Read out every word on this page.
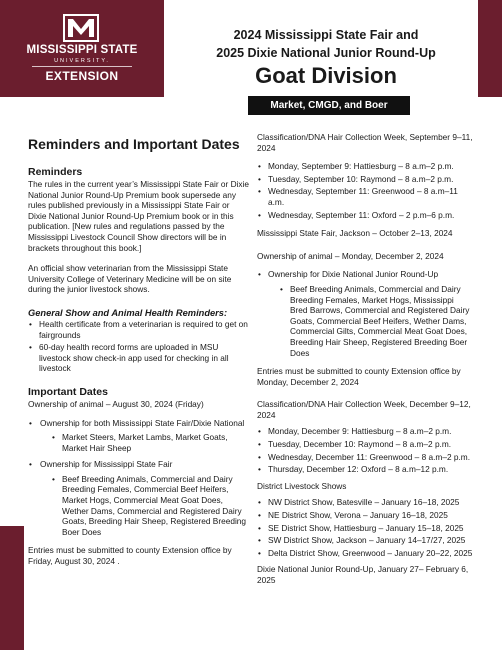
MISSISSIPPI STATE
UNIVERSITY.
EXTENSION
2024 Mississippi State Fair and
2025 Dixie National Junior Round-Up
Goat Division
Market, CMGD, and Boer
Reminders and Important Dates
Reminders

The rules in the current year’s Mississippi State Fair or Dixie National Junior Round-Up Premium book supersede any rules published previously in a Mississippi State Fair or Dixie National Junior Round-Up Premium book or in this publication. [New rules and regulations passed by the Mississippi Livestock Council Show directors will be in brackets throughout this book.]

An official show veterinarian from the Mississippi State University College of Veterinary Medicine will be on site during the junior livestock shows.

General Show and Animal Health Reminders:
• Health certificate from a veterinarian is required to get on fairgrounds
• 60-day health record forms are uploaded in MSU livestock show check-in app used for checking in all livestock
Important Dates

Ownership of animal – August 30, 2024 (Friday)

• Ownership for both Mississippi State Fair/Dixie National
• Market Steers, Market Lambs, Market Goats, Market Hair Sheep
• Ownership for Mississippi State Fair
• Beef Breeding Animals, Commercial and Dairy Breeding Females, Commercial Beef Heifers, Market Hogs, Commercial Meat Goat Does, Wether Dams, Commercial and Registered Dairy Goats, Breeding Hair Sheep, Registered Breeding Boer Does

Entries must be submitted to county Extension office by Friday, August 30, 2024 .

Classification/DNA Hair Collection Week, September 9–11, 2024

• Monday, September 9: Hattiesburg – 8 a.m–2 p.m.
• Tuesday, September 10: Raymond – 8 a.m–2 p.m.
• Wednesday, September 11: Greenwood – 8 a.m–11 a.m.
• Wednesday, September 11: Oxford – 2 p.m–6 p.m.

Mississippi State Fair, Jackson – October 2–13, 2024

Ownership of animal – Monday, December 2, 2024

• Ownership for Dixie National Junior Round-Up
• Beef Breeding Animals, Commercial and Dairy Breeding Females, Market Hogs, Mississippi Bred Barrows, Commercial and Registered Dairy Goats, Commercial Beef Heifers, Wether Dams, Commercial Gilts, Commercial Meat Goat Does, Breeding Hair Sheep, Registered Breeding Boer Does

Entries must be submitted to county Extension office by Monday, December 2, 2024

Classification/DNA Hair Collection Week, December 9–12, 2024

• Monday, December 9: Hattiesburg – 8 a.m–2 p.m.
• Tuesday, December 10: Raymond – 8 a.m–2 p.m.
• Wednesday, December 11: Greenwood – 8 a.m–2 p.m.
• Thursday, December 12: Oxford – 8 a.m–12 p.m.

District Livestock Shows

• NW District Show, Batesville – January 16–18, 2025
• NE District Show, Verona – January 16–18, 2025
• SE District Show, Hattiesburg – January 15–18, 2025
• SW District Show, Jackson – January 14–17/27, 2025
• Delta District Show, Greenwood – January 20–22, 2025

Dixie National Junior Round-Up, January 27– February 6, 2025
